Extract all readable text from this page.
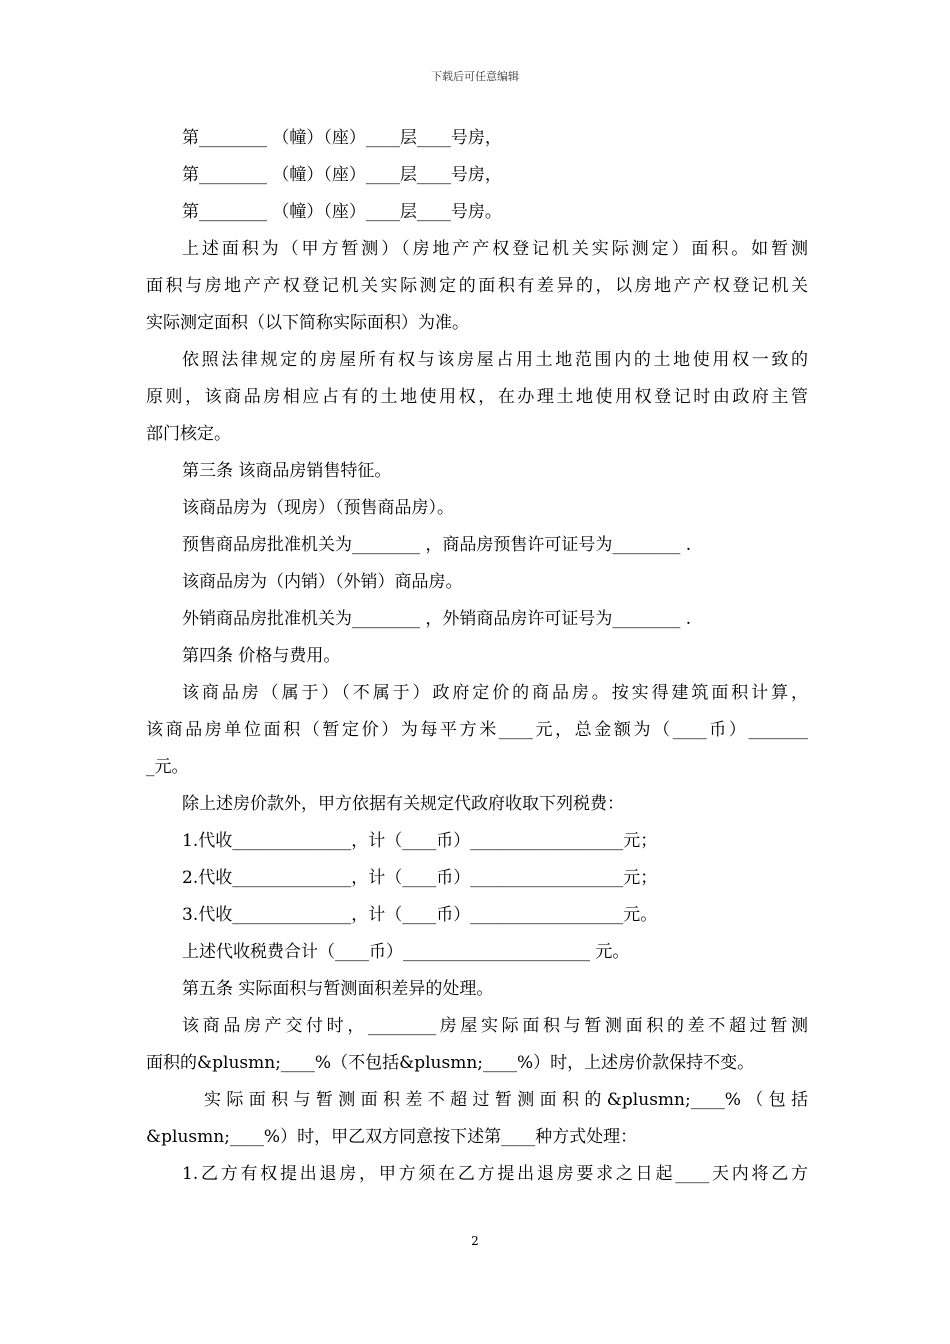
下载后可任意编辑
第________ （幢）（座）____层____号房，
第________ （幢）（座）____层____号房，
第________ （幢）（座）____层____号房。
上述面积为（甲方暂测）（房地产产权登记机关实际测定）面积。如暂测
面积与房地产产权登记机关实际测定的面积有差异的，以房地产产权登记机关
实际测定面积（以下简称实际面积）为准。
依照法律规定的房屋所有权与该房屋占用土地范围内的土地使用权一致的
原则，该商品房相应占有的土地使用权，在办理土地使用权登记时由政府主管
部门核定。
第三条 该商品房销售特征。
该商品房为（现房）（预售商品房）。
预售商品房批准机关为________ ，商品房预售许可证号为________ .
该商品房为（内销）（外销）商品房。
外销商品房批准机关为________ ，外销商品房许可证号为________ .
第四条 价格与费用。
该商品房（属于）（不属于）政府定价的商品房。按实得建筑面积计算，
该商品房单位面积（暂定价）为每平方米____元，总金额为（____币）_______
_元。
除上述房价款外，甲方依据有关规定代政府收取下列税费：
1.代收______________，计（____币）__________________元；
2.代收______________，计（____币）__________________元；
3.代收______________，计（____币）__________________元。
上述代收税费合计（____币）______________________ 元。
第五条 实际面积与暂测面积差异的处理。
该商品房产交付时，________房屋实际面积与暂测面积的差不超过暂测
面积的&plusmn;____%（不包括&plusmn;____%）时，上述房价款保持不变。
实际面积与暂测面积差不超过暂测面积的&plusmn;____%（包括
&plusmn;____%）时，甲乙双方同意按下述第____种方式处理：
1.乙方有权提出退房，甲方须在乙方提出退房要求之日起____天内将乙方
2
